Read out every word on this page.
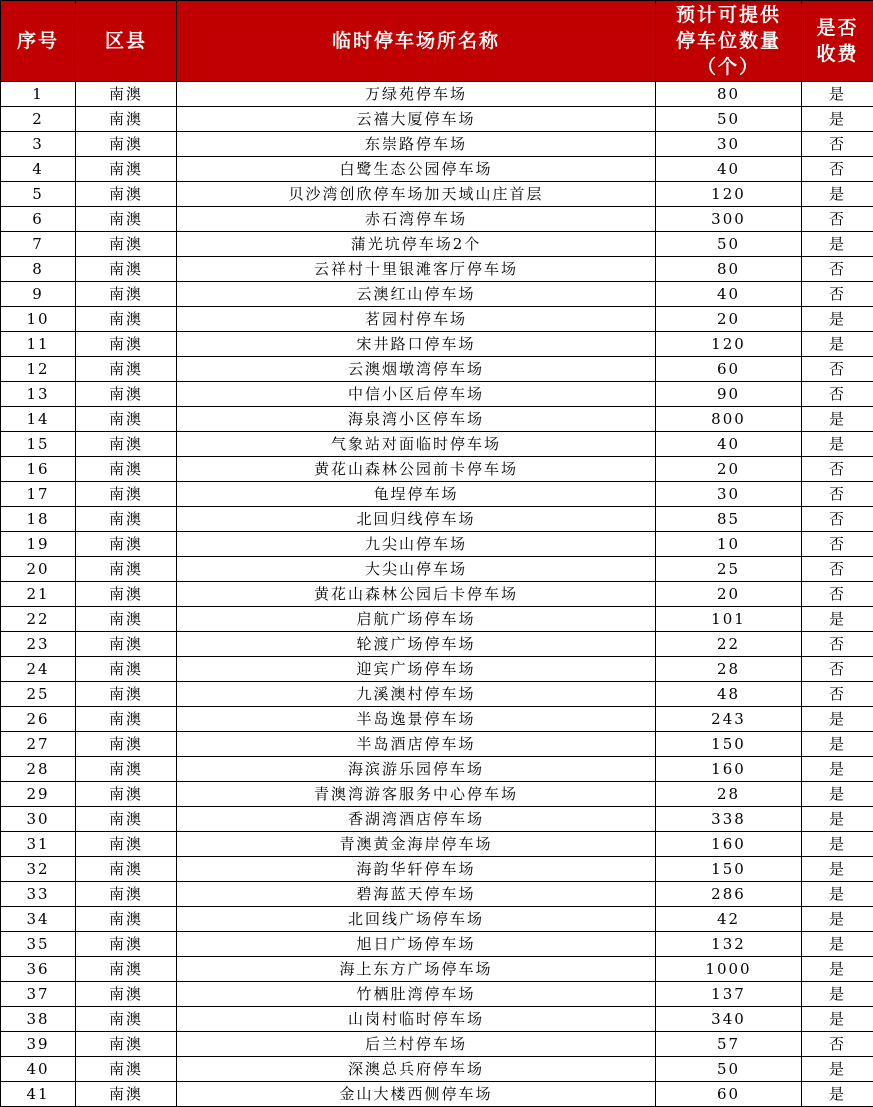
序号	区县	临时停车场所名称	预计可提供停车位数量（个）	是否收费
1	南澳	万绿苑停车场	80	是
2	南澳	云禧大厦停车场	50	是
3	南澳	东崇路停车场	30	否
4	南澳	白鹭生态公园停车场	40	否
5	南澳	贝沙湾创欣停车场加天域山庄首层	120	是
6	南澳	赤石湾停车场	300	否
7	南澳	蒲光坑停车场2个	50	是
8	南澳	云祥村十里银滩客厅停车场	80	否
9	南澳	云澳红山停车场	40	否
10	南澳	茗园村停车场	20	是
11	南澳	宋井路口停车场	120	是
12	南澳	云澳烟墩湾停车场	60	否
13	南澳	中信小区后停车场	90	否
14	南澳	海泉湾小区停车场	800	是
15	南澳	气象站对面临时停车场	40	是
16	南澳	黄花山森林公园前卡停车场	20	否
17	南澳	龟埕停车场	30	否
18	南澳	北回归线停车场	85	否
19	南澳	九尖山停车场	10	否
20	南澳	大尖山停车场	25	否
21	南澳	黄花山森林公园后卡停车场	20	否
22	南澳	启航广场停车场	101	是
23	南澳	轮渡广场停车场	22	否
24	南澳	迎宾广场停车场	28	否
25	南澳	九溪澳村停车场	48	否
26	南澳	半岛逸景停车场	243	是
27	南澳	半岛酒店停车场	150	是
28	南澳	海滨游乐园停车场	160	是
29	南澳	青澳湾游客服务中心停车场	28	是
30	南澳	香湖湾酒店停车场	338	是
31	南澳	青澳黄金海岸停车场	160	是
32	南澳	海韵华轩停车场	150	是
33	南澳	碧海蓝天停车场	286	是
34	南澳	北回线广场停车场	42	是
35	南澳	旭日广场停车场	132	是
36	南澳	海上东方广场停车场	1000	是
37	南澳	竹栖肚湾停车场	137	是
38	南澳	山岗村临时停车场	340	是
39	南澳	后兰村停车场	57	否
40	南澳	深澳总兵府停车场	50	是
41	南澳	金山大楼西侧停车场	60	是
